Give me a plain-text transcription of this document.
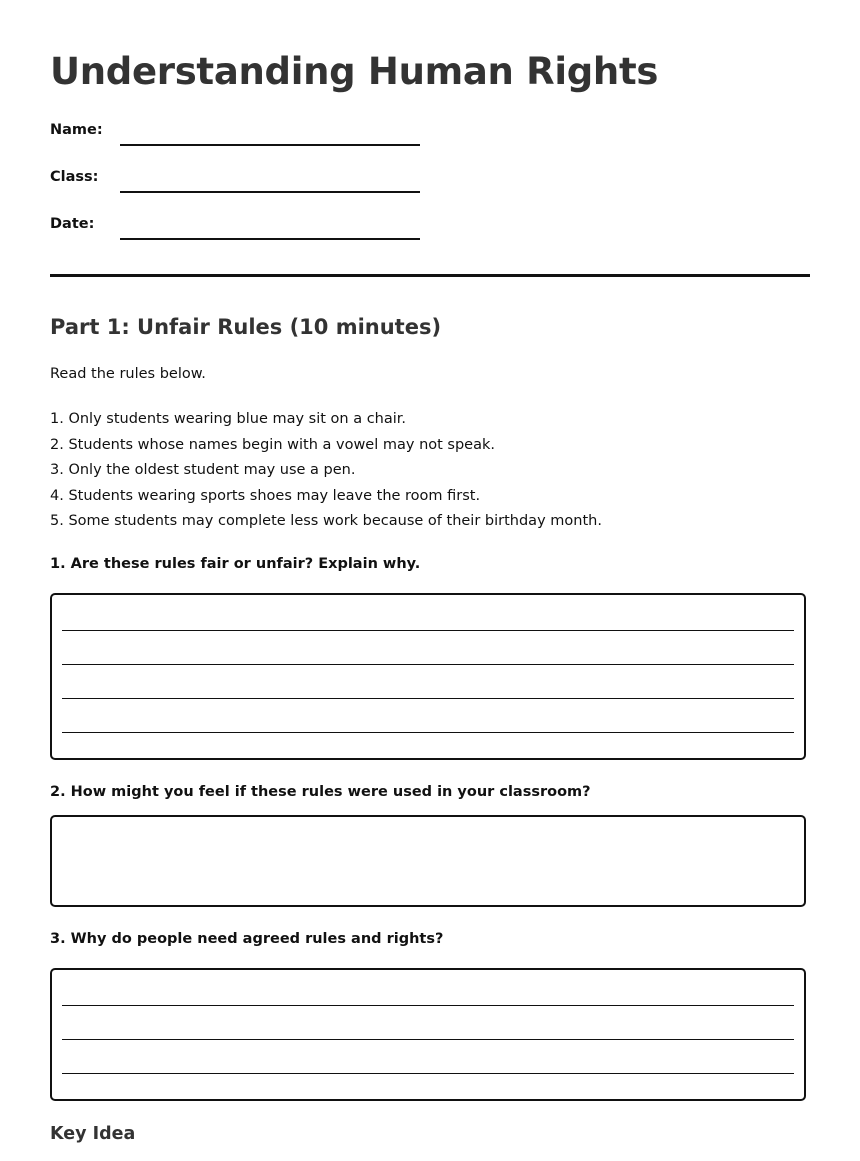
Understanding Human Rights
Name:
Class:
Date:
Part 1: Unfair Rules (10 minutes)
Read the rules below.
1. Only students wearing blue may sit on a chair.
2. Students whose names begin with a vowel may not speak.
3. Only the oldest student may use a pen.
4. Students wearing sports shoes may leave the room first.
5. Some students may complete less work because of their birthday month.
1. Are these rules fair or unfair? Explain why.
2. How might you feel if these rules were used in your classroom?
3. Why do people need agreed rules and rights?
Key Idea
